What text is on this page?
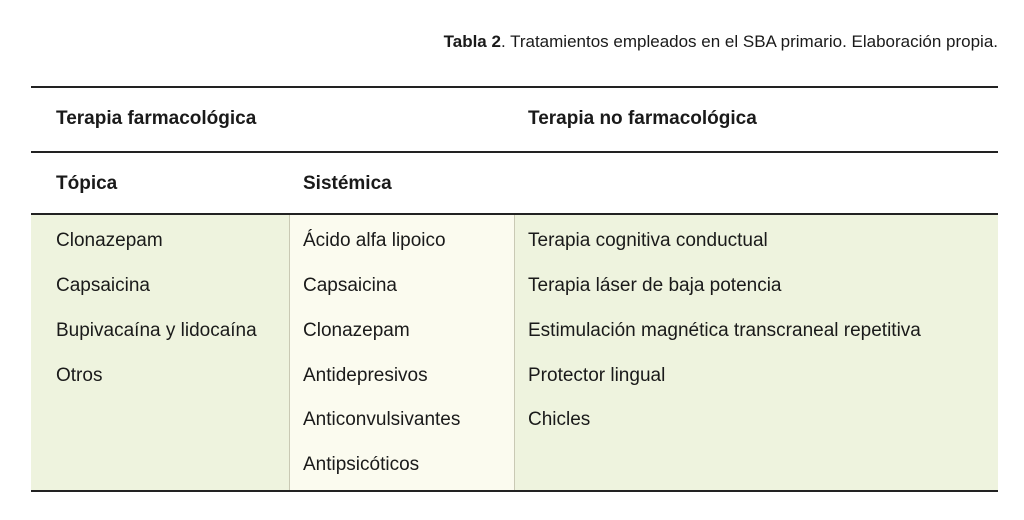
Tabla 2. Tratamientos empleados en el SBA primario. Elaboración propia.
Terapia farmacológica	Terapia no farmacológica
Tópica	Sistémica
Clonazepam
Capsaicina
Bupivacaína y lidocaína
Otros
Ácido alfa lipoico
Capsaicina
Clonazepam
Antidepresivos
Anticonvulsivantes
Antipsicóticos
Terapia cognitiva conductual
Terapia láser de baja potencia
Estimulación magnética transcraneal repetitiva
Protector lingual
Chicles
